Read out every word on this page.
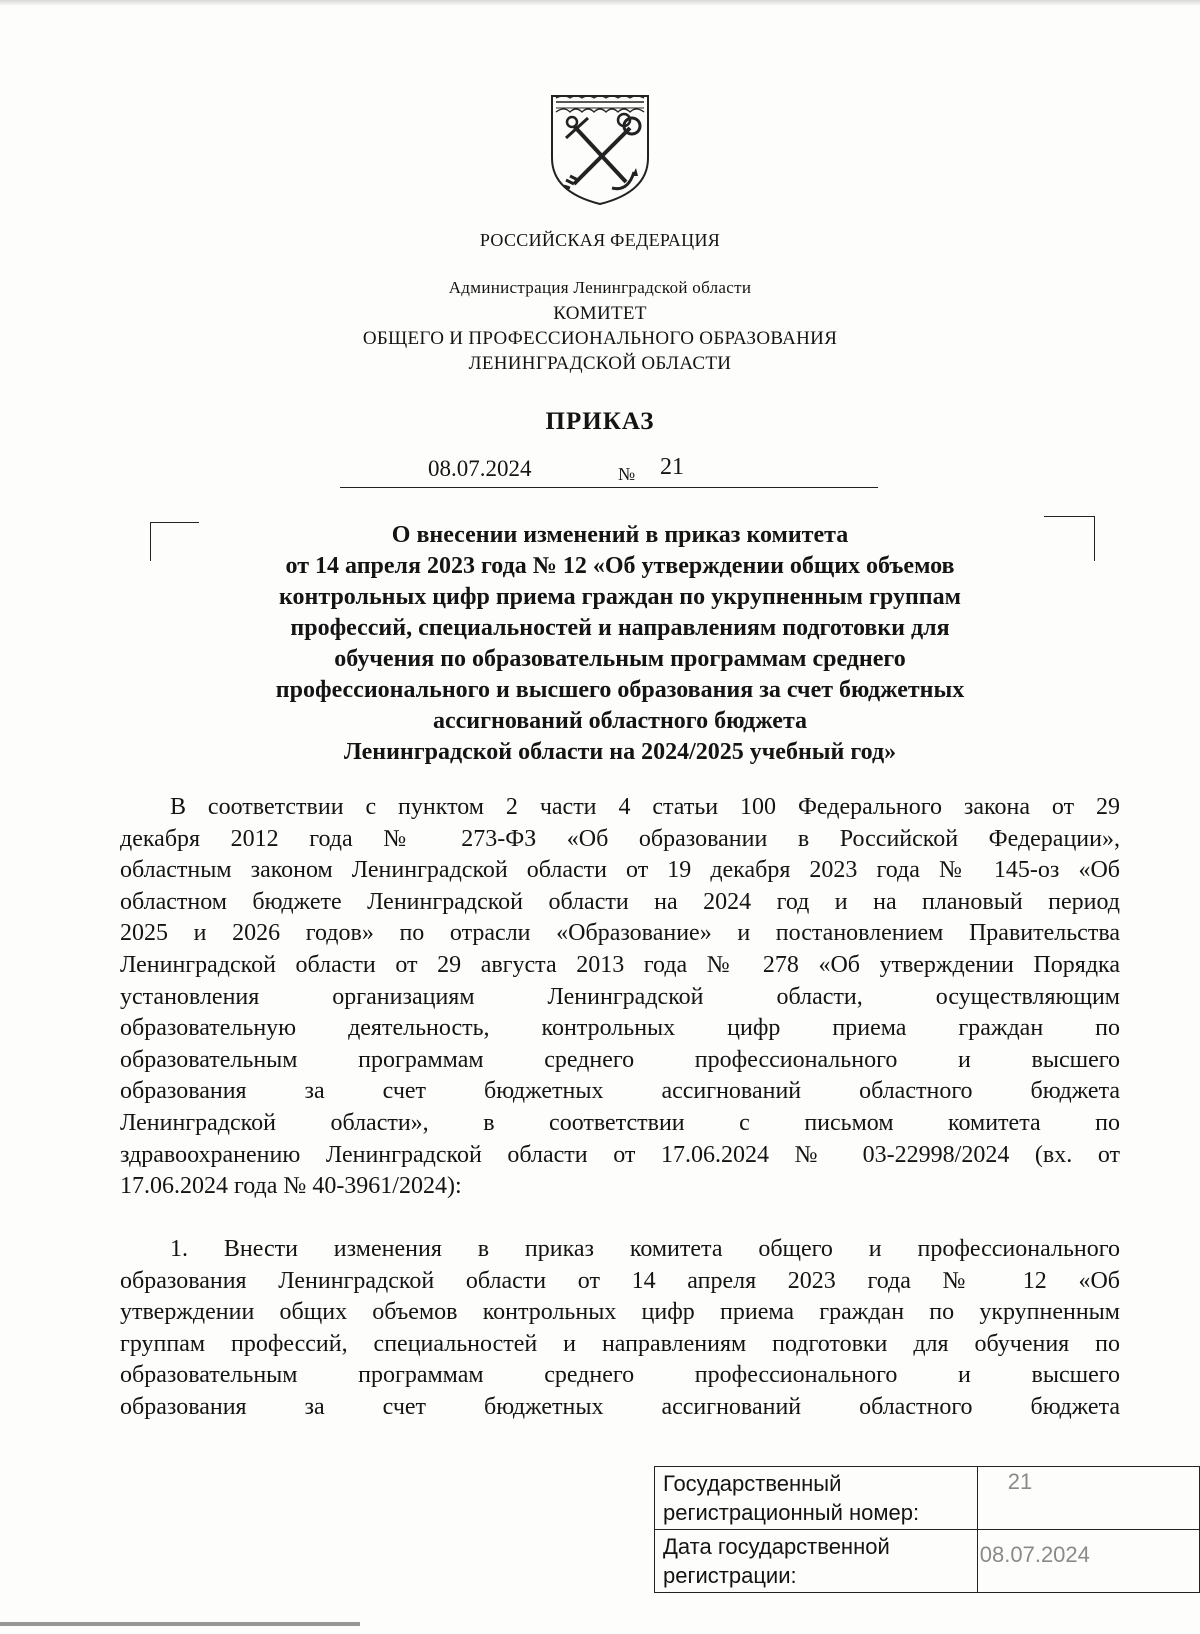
РОССИЙСКАЯ ФЕДЕРАЦИЯ
Администрация Ленинградской области
КОМИТЕТ
ОБЩЕГО И ПРОФЕССИОНАЛЬНОГО ОБРАЗОВАНИЯ
ЛЕНИНГРАДСКОЙ ОБЛАСТИ
ПРИКАЗ
08.07.2024	№ 21
О внесении изменений в приказ комитета
от 14 апреля 2023 года № 12 «Об утверждении общих объемов
контрольных цифр приема граждан по укрупненным группам
профессий, специальностей и направлениям подготовки для
обучения по образовательным программам среднего
профессионального и высшего образования за счет бюджетных
ассигнований областного бюджета
Ленинградской области на 2024/2025 учебный год»
В соответствии с пунктом 2 части 4 статьи 100 Федерального закона от 29
декабря 2012 года № 273-ФЗ «Об образовании в Российской Федерации»,
областным законом Ленинградской области от 19 декабря 2023 года № 145-оз «Об
областном бюджете Ленинградской области на 2024 год и на плановый период
2025 и 2026 годов» по отрасли «Образование» и постановлением Правительства
Ленинградской области от 29 августа 2013 года № 278 «Об утверждении Порядка
установления организациям Ленинградской области, осуществляющим
образовательную деятельность, контрольных цифр приема граждан по
образовательным программам среднего профессионального и высшего
образования за счет бюджетных ассигнований областного бюджета
Ленинградской области», в соответствии с письмом комитета по
здравоохранению Ленинградской области от 17.06.2024 № 03-22998/2024 (вх. от
17.06.2024 года № 40-3961/2024):
1. Внести изменения в приказ комитета общего и профессионального
образования Ленинградской области от 14 апреля 2023 года № 12 «Об
утверждении общих объемов контрольных цифр приема граждан по укрупненным
группам профессий, специальностей и направлениям подготовки для обучения по
образовательным программам среднего профессионального и высшего
образования за счет бюджетных ассигнований областного бюджета
Государственный
регистрационный номер:	21

Дата государственной
регистрации:	08.07.2024
